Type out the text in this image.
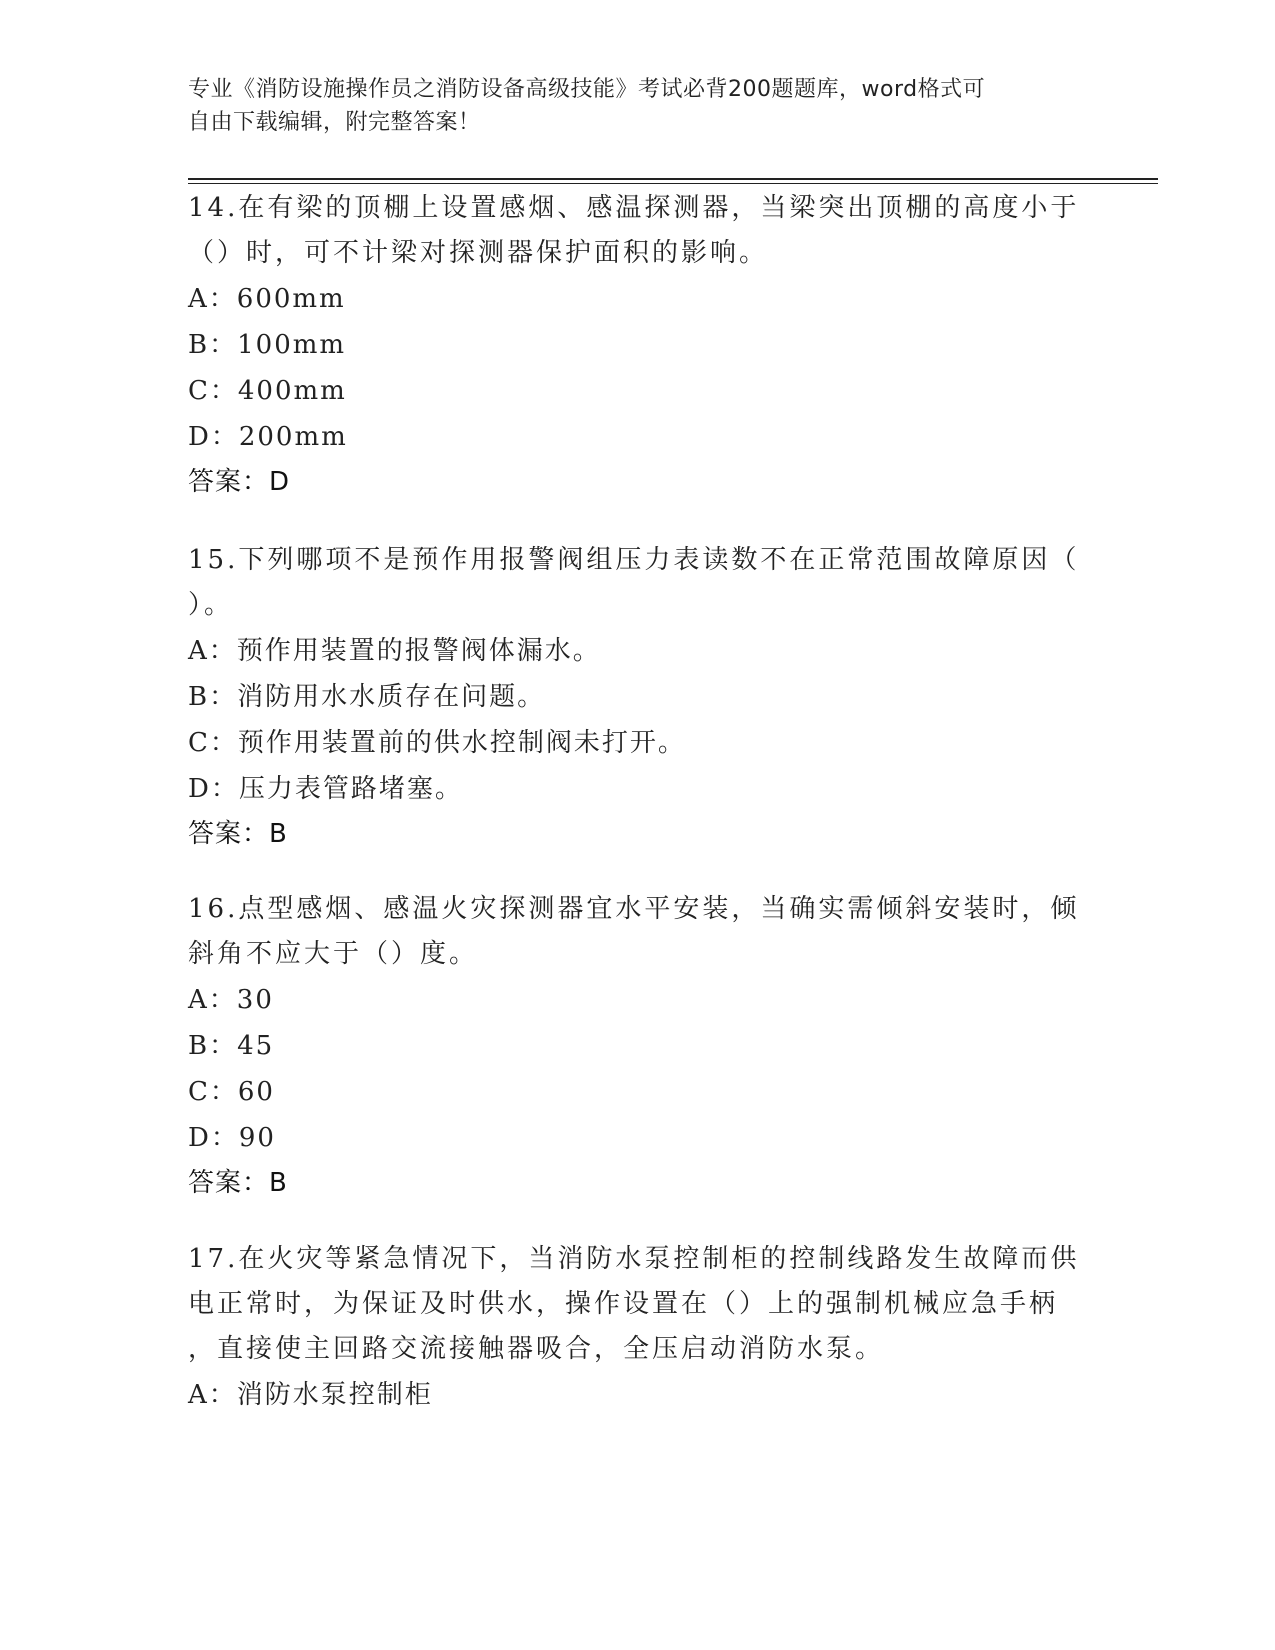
专业《消防设施操作员之消防设备高级技能》考试必背200题题库，word格式可
自由下载编辑，附完整答案！
14.在有梁的顶棚上设置感烟、感温探测器，当梁突出顶棚的高度小于
（）时，可不计梁对探测器保护面积的影响。
A：600mm
B：100mm
C：400mm
D：200mm
答案：D
15.下列哪项不是预作用报警阀组压力表读数不在正常范围故障原因（
）。
A：预作用装置的报警阀体漏水。
B：消防用水水质存在问题。
C：预作用装置前的供水控制阀未打开。
D：压力表管路堵塞。
答案：B
16.点型感烟、感温火灾探测器宜水平安装，当确实需倾斜安装时，倾
斜角不应大于（）度。
A：30
B：45
C：60
D：90
答案：B
17.在火灾等紧急情况下，当消防水泵控制柜的控制线路发生故障而供
电正常时，为保证及时供水，操作设置在（）上的强制机械应急手柄
，直接使主回路交流接触器吸合，全压启动消防水泵。
A：消防水泵控制柜
